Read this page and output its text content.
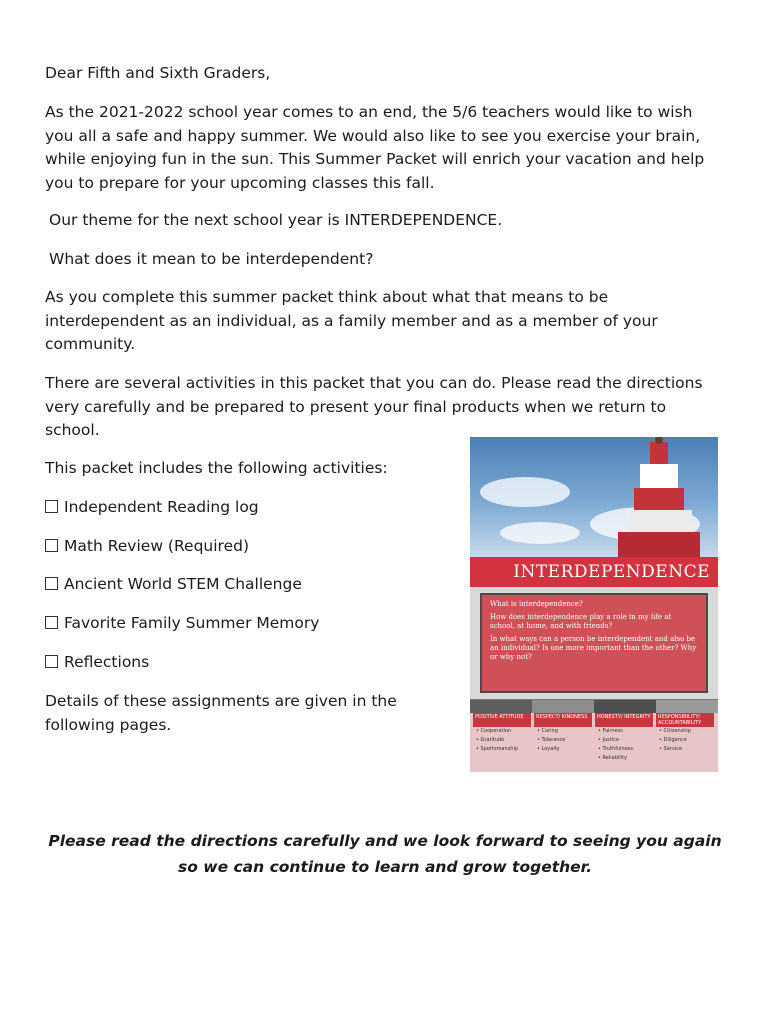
Dear Fifth and Sixth Graders,

As the 2021-2022 school year comes to an end, the 5/6 teachers would like to wish you all a safe and happy summer. We would also like to see you exercise your brain, while enjoying fun in the sun. This Summer Packet will enrich your vacation and help you to prepare for your upcoming classes this fall.

Our theme for the next school year is INTERDEPENDENCE.

What does it mean to be interdependent?

As you complete this summer packet think about what that means to be interdependent as an individual, as a family member and as a member of your community.

There are several activities in this packet that you can do. Please read the directions very carefully and be prepared to present your final products when we return to school.

This packet includes the following activities:

Independent Reading log
Math Review (Required)
Ancient World STEM Challenge
Favorite Family Summer Memory
Reflections

Details of these assignments are given in the following pages.

INTERDEPENDENCE

What is interdependence?

How does interdependence play a role in my life at school, at home, and with friends?

In what ways can a person be interdependent and also be an individual? Is one more important than the other? Why or why not?

POSITIVE ATTITUDE
• Cooperation
• Gratitude
• Sportsmanship
RESPECT/ KINDNESS
• Caring
• Tolerance
• Loyalty
HONESTY/ INTEGRITY
• Fairness
• Justice
• Truthfulness
• Reliability
RESPONSIBILITY/ ACCOUNTABILITY
• Citizenship
• Diligence
• Service
Please read the directions carefully and we look forward to seeing you again so we can continue to learn and grow together.
